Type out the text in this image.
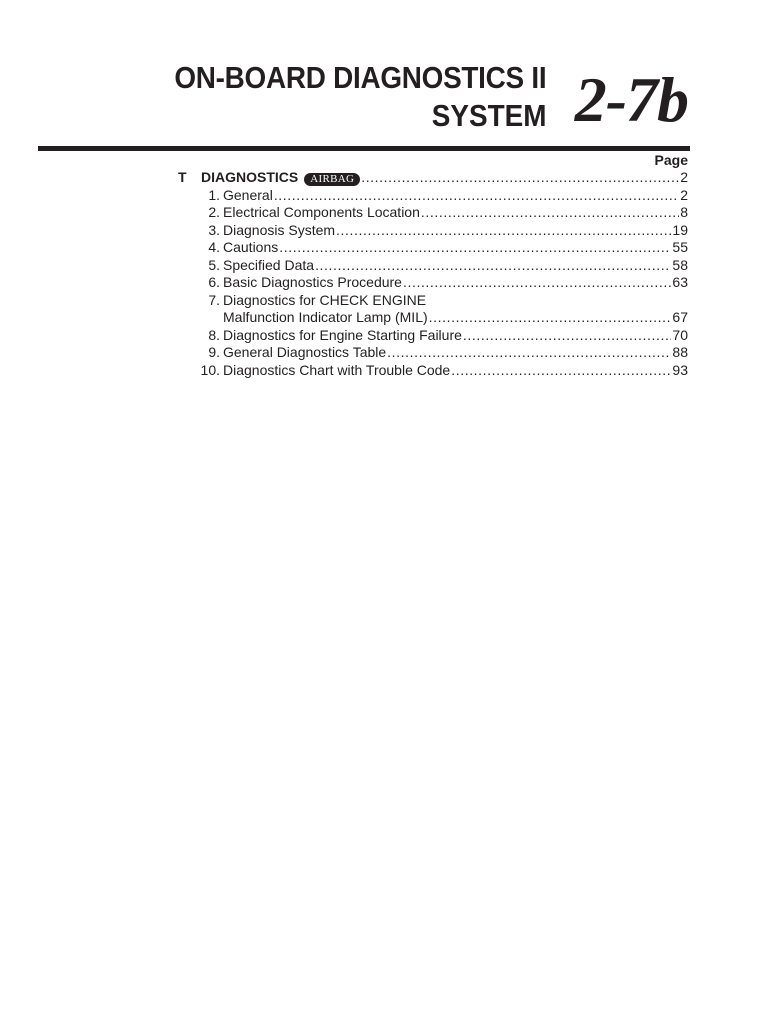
ON-BOARD DIAGNOSTICS II
SYSTEM 2-7b
Page
T	DIAGNOSTICS	AIRBAG .....	2
1. General .....	2
2. Electrical Components Location .....	8
3. Diagnosis System .....	19
4. Cautions .....	55
5. Specified Data .....	58
6. Basic Diagnostics Procedure .....	63
7. Diagnostics for CHECK ENGINE
Malfunction Indicator Lamp (MIL) .....	67
8. Diagnostics for Engine Starting Failure .....	70
9. General Diagnostics Table .....	88
10. Diagnostics Chart with Trouble Code .....	93
